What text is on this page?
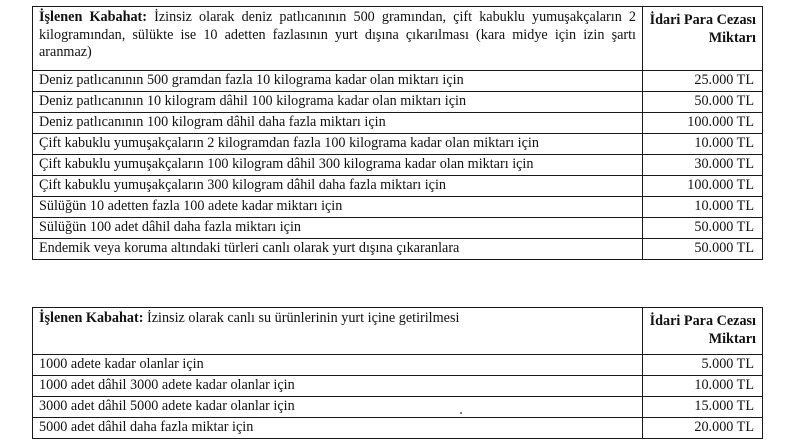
İşlenen Kabahat: İzinsiz olarak deniz patlıcanının 500 gramından, çift kabuklu yumuşakçaların 2 kilogramından, sülükte ise 10 adetten fazlasının yurt dışına çıkarılması (kara midye için izin şartı aranmaz)	İdari Para Cezası Miktarı
Deniz patlıcanının 500 gramdan fazla 10 kilograma kadar olan miktarı için	25.000 TL
Deniz patlıcanının 10 kilogram dâhil 100 kilograma kadar olan miktarı için	50.000 TL
Deniz patlıcanının 100 kilogram dâhil daha fazla miktarı için	100.000 TL
Çift kabuklu yumuşakçaların 2 kilogramdan fazla 100 kilograma kadar olan miktarı için	10.000 TL
Çift kabuklu yumuşakçaların 100 kilogram dâhil 300 kilograma kadar olan miktarı için	30.000 TL
Çift kabuklu yumuşakçaların 300 kilogram dâhil daha fazla miktarı için	100.000 TL
Sülüğün 10 adetten fazla 100 adete kadar miktarı için	10.000 TL
Sülüğün 100 adet dâhil daha fazla miktarı için	50.000 TL
Endemik veya koruma altındaki türleri canlı olarak yurt dışına çıkaranlara	50.000 TL
İşlenen Kabahat: İzinsiz olarak canlı su ürünlerinin yurt içine getirilmesi	İdari Para Cezası Miktarı
1000 adete kadar olanlar için	5.000 TL
1000 adet dâhil 3000 adete kadar olanlar için	10.000 TL
3000 adet dâhil 5000 adete kadar olanlar için	15.000 TL
5000 adet dâhil daha fazla miktar için	20.000 TL
